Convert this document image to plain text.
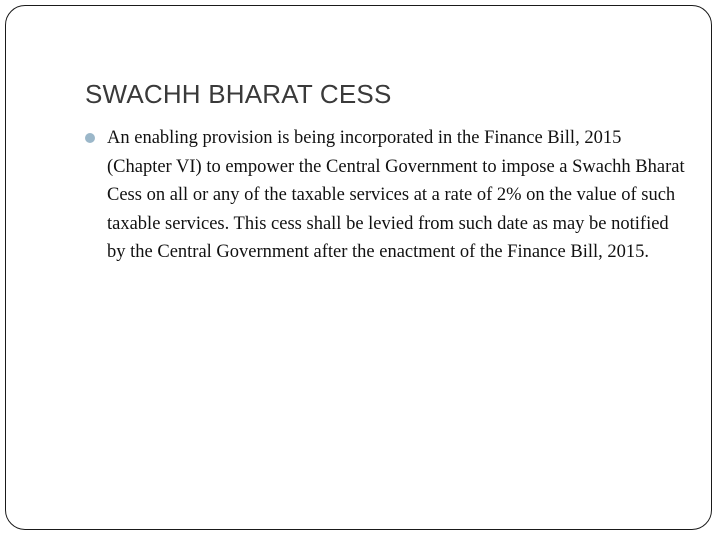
SWACHH BHARAT CESS
An enabling provision is being incorporated in the Finance Bill, 2015 (Chapter VI) to empower the Central Government to impose a Swachh Bharat Cess on all or any of the taxable services at a rate of 2% on the value of such taxable services. This cess shall be levied from such date as may be notified by the Central Government after the enactment of the Finance Bill, 2015.
